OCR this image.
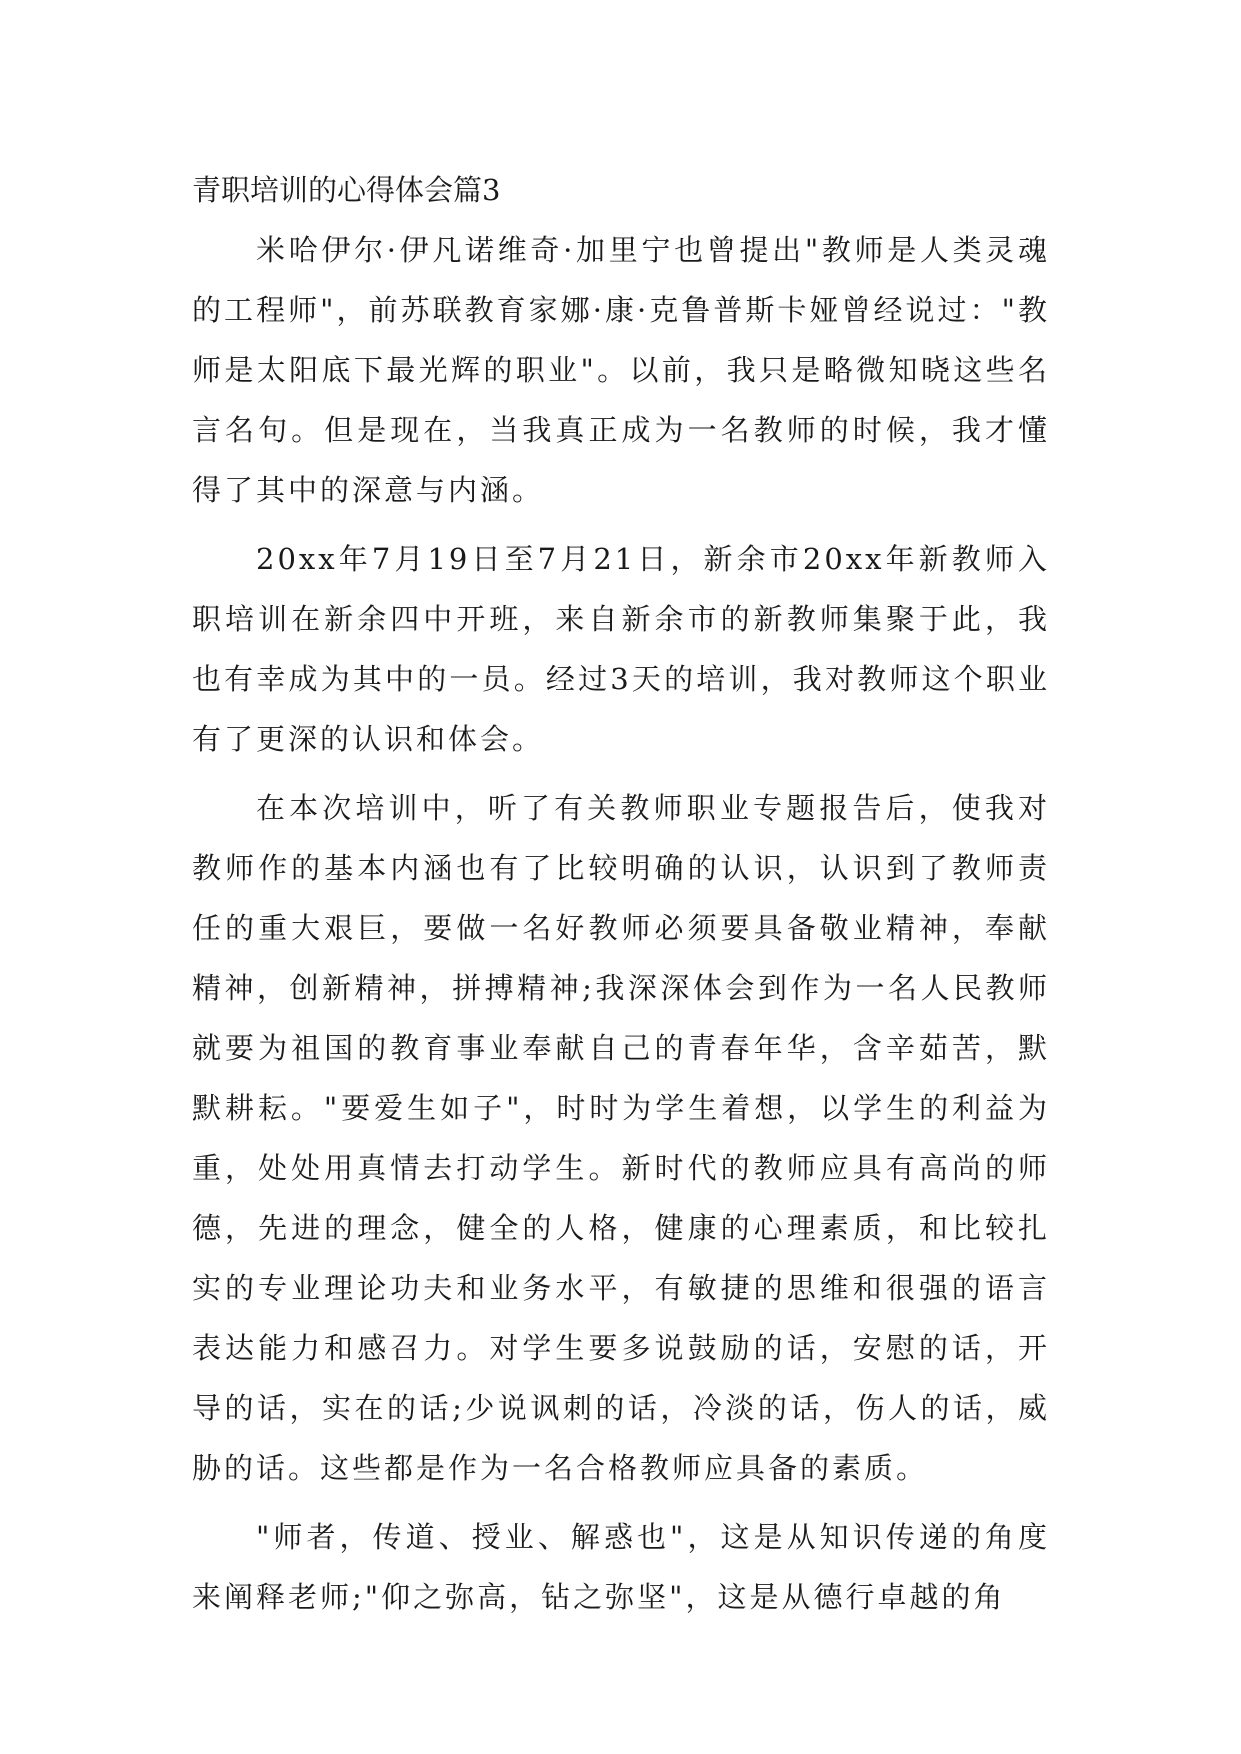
青职培训的心得体会篇3

米哈伊尔·伊凡诺维奇·加里宁也曾提出"教师是人类灵魂的工程师"，前苏联教育家娜·康·克鲁普斯卡娅曾经说过："教师是太阳底下最光辉的职业"。以前，我只是略微知晓这些名言名句。但是现在，当我真正成为一名教师的时候，我才懂得了其中的深意与内涵。

20xx年7月19日至7月21日，新余市20xx年新教师入职培训在新余四中开班，来自新余市的新教师集聚于此，我也有幸成为其中的一员。经过3天的培训，我对教师这个职业有了更深的认识和体会。

在本次培训中，听了有关教师职业专题报告后，使我对教师作的基本内涵也有了比较明确的认识，认识到了教师责任的重大艰巨，要做一名好教师必须要具备敬业精神，奉献精神，创新精神，拼搏精神;我深深体会到作为一名人民教师就要为祖国的教育事业奉献自己的青春年华，含辛茹苦，默默耕耘。"要爱生如子"，时时为学生着想，以学生的利益为重，处处用真情去打动学生。新时代的教师应具有高尚的师德，先进的理念，健全的人格，健康的心理素质，和比较扎实的专业理论功夫和业务水平，有敏捷的思维和很强的语言表达能力和感召力。对学生要多说鼓励的话，安慰的话，开导的话，实在的话;少说讽刺的话，冷淡的话，伤人的话，威胁的话。这些都是作为一名合格教师应具备的素质。

"师者，传道、授业、解惑也"，这是从知识传递的角度来阐释老师;"仰之弥高，钻之弥坚"，这是从德行卓越的角
